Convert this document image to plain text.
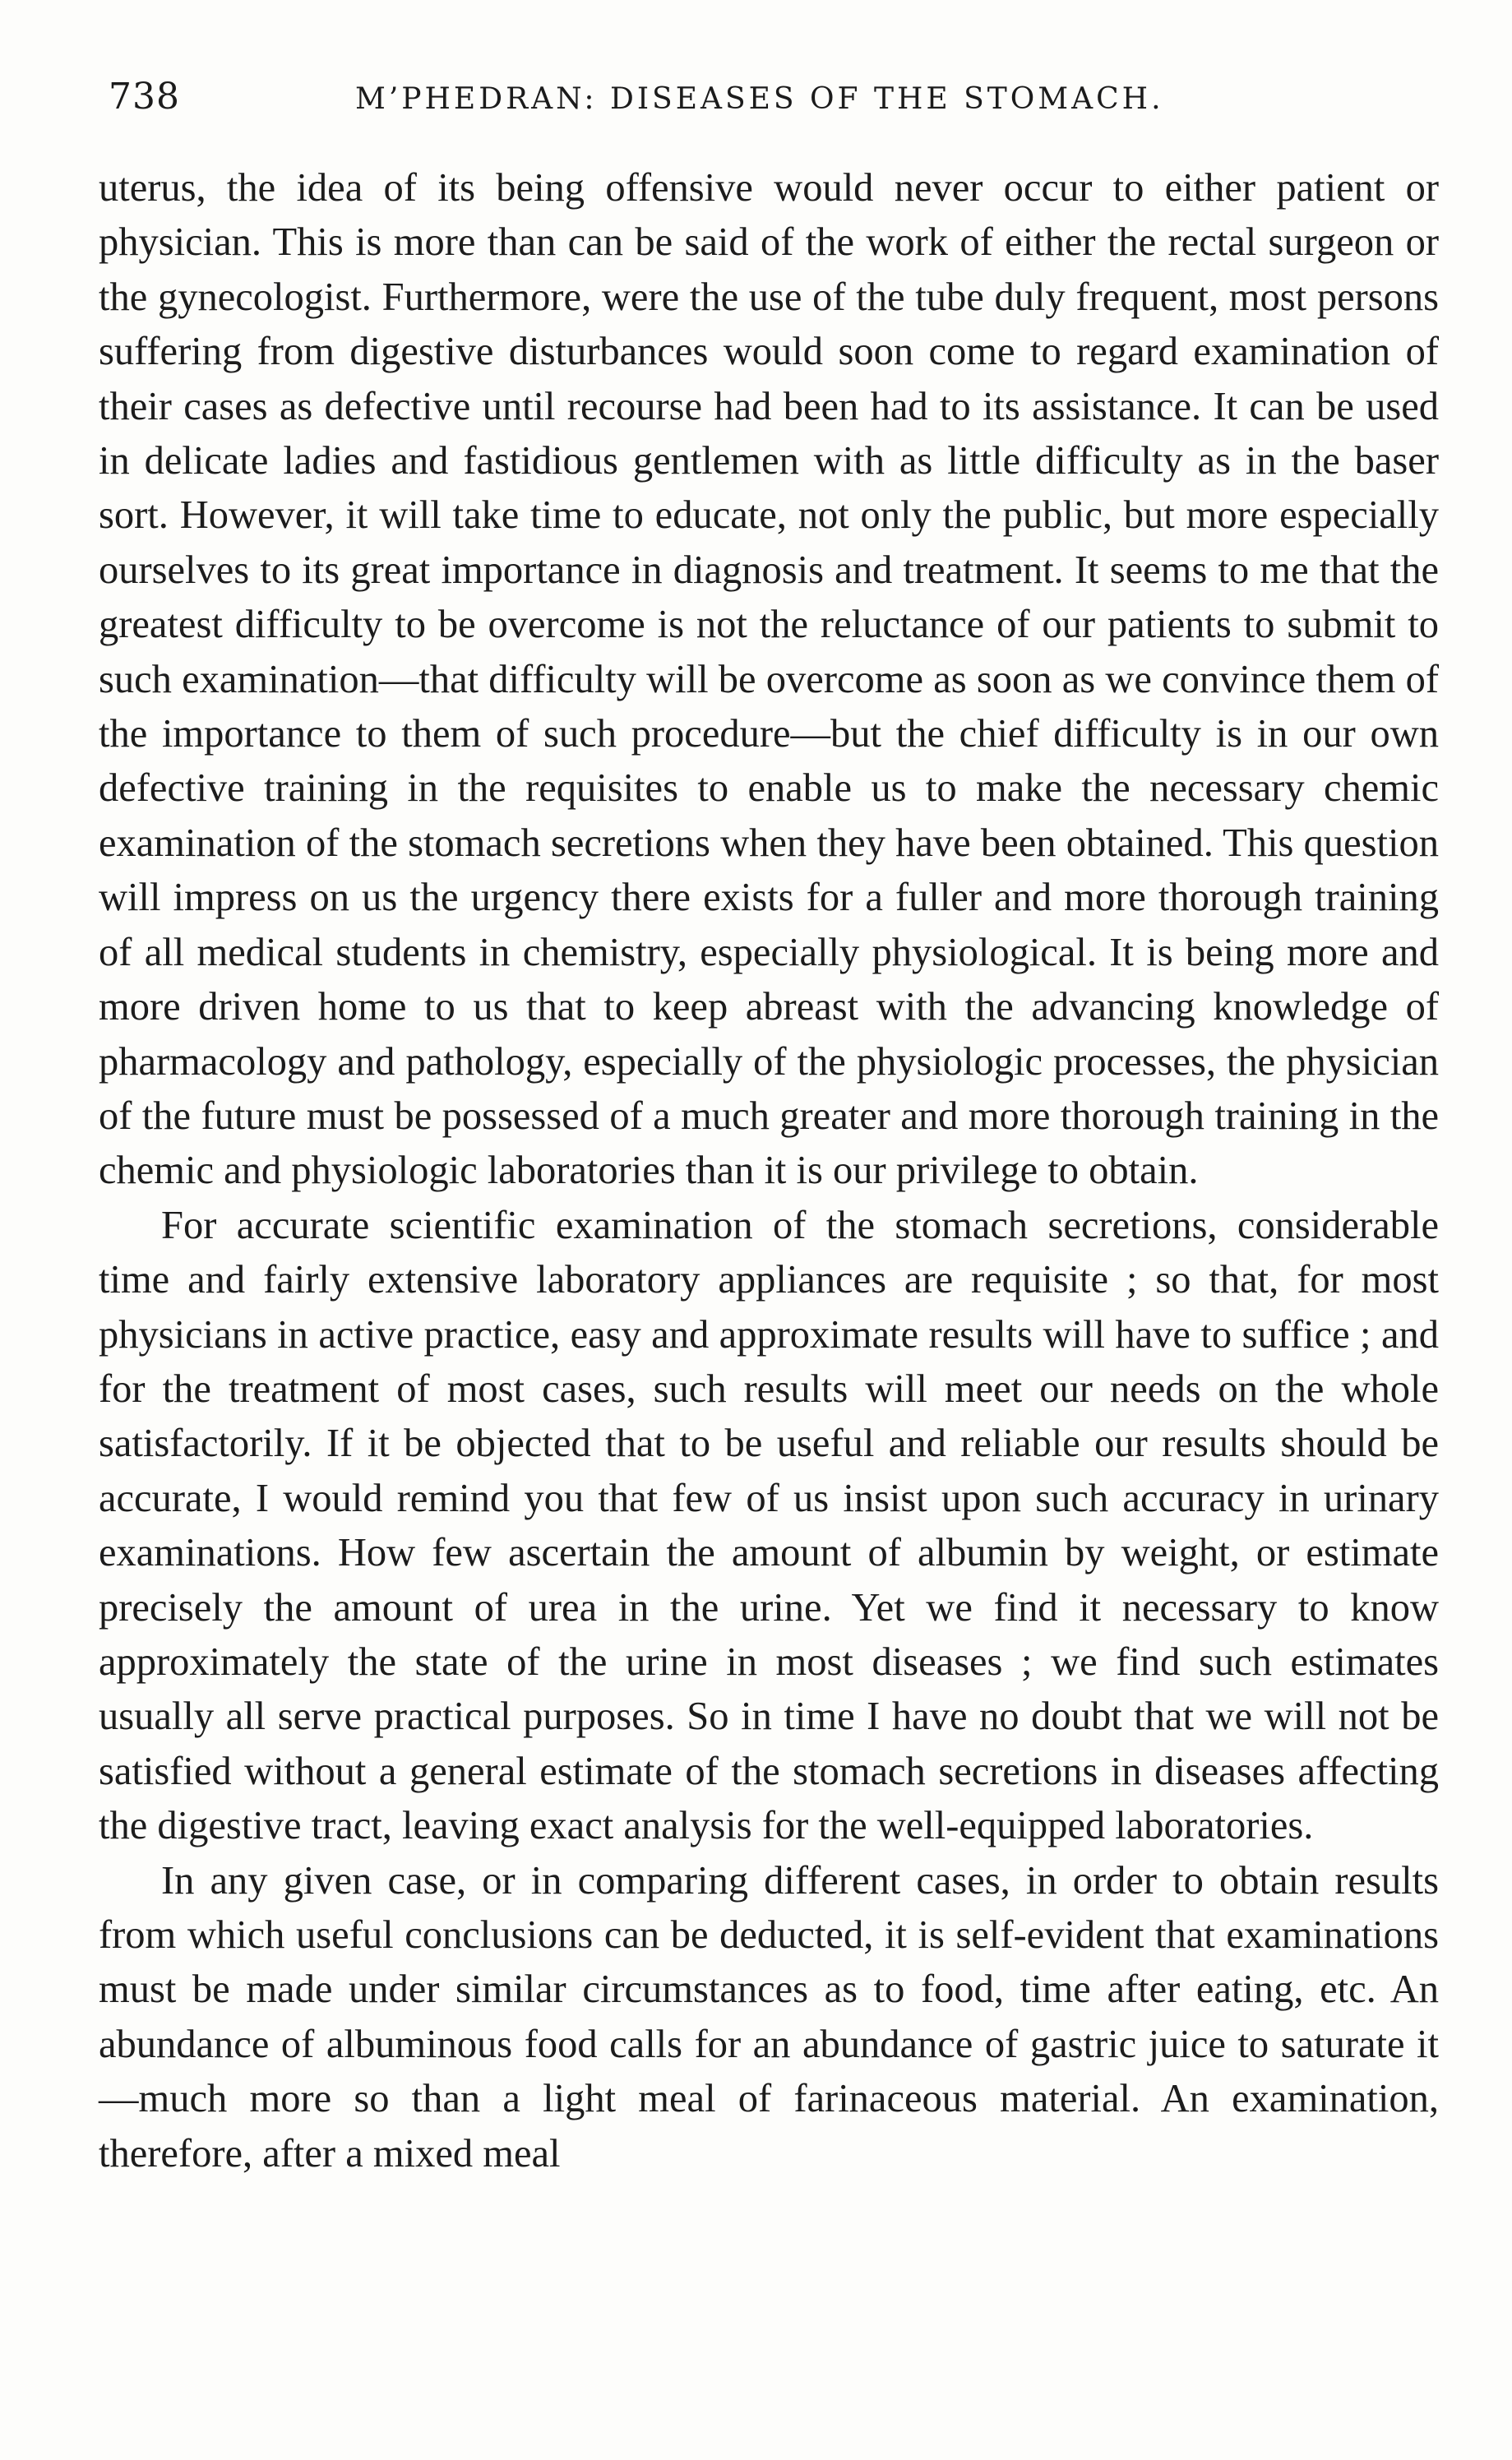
738	M’PHEDRAN: DISEASES OF THE STOMACH.

uterus, the idea of its being offensive would never occur to either patient or physician. This is more than can be said of the work of either the rectal surgeon or the gynecologist. Furthermore, were the use of the tube duly frequent, most persons suffering from digestive disturbances would soon come to regard examination of their cases as defective until recourse had been had to its assistance. It can be used in delicate ladies and fastidious gentlemen with as little difficulty as in the baser sort. However, it will take time to educate, not only the public, but more especially ourselves to its great importance in diagnosis and treatment. It seems to me that the greatest difficulty to be overcome is not the reluctance of our patients to submit to such examination—that difficulty will be overcome as soon as we convince them of the importance to them of such procedure—but the chief difficulty is in our own defective training in the requisites to enable us to make the necessary chemic examination of the stomach secretions when they have been obtained. This question will impress on us the urgency there exists for a fuller and more thorough training of all medical students in chemistry, especially physiological. It is being more and more driven home to us that to keep abreast with the advancing knowledge of pharmacology and pathology, especially of the physiologic processes, the physician of the future must be possessed of a much greater and more thorough training in the chemic and physiologic laboratories than it is our privilege to obtain.

For accurate scientific examination of the stomach secretions, considerable time and fairly extensive laboratory appliances are requisite ; so that, for most physicians in active practice, easy and approximate results will have to suffice ; and for the treatment of most cases, such results will meet our needs on the whole satisfactorily. If it be objected that to be useful and reliable our results should be accurate, I would remind you that few of us insist upon such accuracy in urinary examinations. How few ascertain the amount of albumin by weight, or estimate precisely the amount of urea in the urine. Yet we find it necessary to know approximately the state of the urine in most diseases ; we find such estimates usually all serve practical purposes. So in time I have no doubt that we will not be satisfied without a general estimate of the stomach secretions in diseases affecting the digestive tract, leaving exact analysis for the well-equipped laboratories.

In any given case, or in comparing different cases, in order to obtain results from which useful conclusions can be deducted, it is self-evident that examinations must be made under similar circumstances as to food, time after eating, etc. An abundance of albuminous food calls for an abundance of gastric juice to saturate it—much more so than a light meal of farinaceous material. An examination, therefore, after a mixed meal
